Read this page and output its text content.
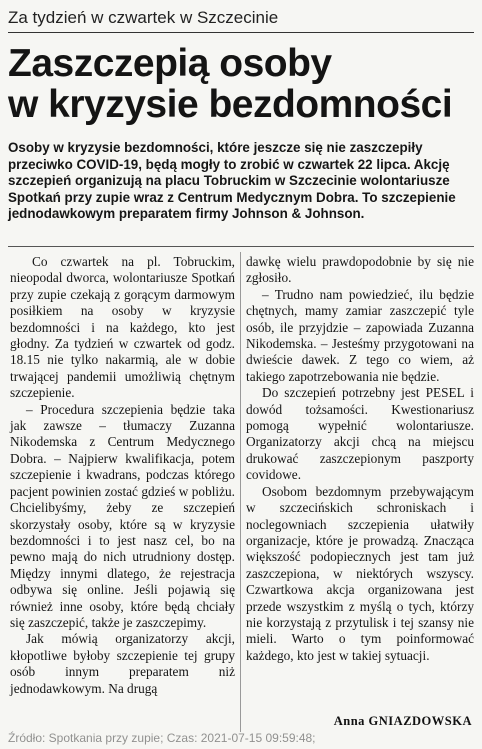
Za tydzień w czwartek w Szczecinie
Zaszczepią osoby
w kryzysie bezdomności
Osoby w kryzysie bezdomności, które jeszcze się nie zaszczepiły przeciwko COVID-19, będą mogły to zrobić w czwartek 22 lipca. Akcję szczepień organizują na placu Tobruckim w Szczecinie wolontariusze Spotkań przy zupie wraz z Centrum Medycznym Dobra. To szczepienie jednodawkowym preparatem firmy Johnson & Johnson.

Co czwartek na pl. Tobruckim, nieopodal dworca, wolontariusze Spotkań przy zupie czekają z gorącym darmowym posiłkiem na osoby w kryzysie bezdomności i na każdego, kto jest głodny. Za tydzień w czwartek od godz. 18.15 nie tylko nakarmią, ale w dobie trwającej pandemii umożliwią chętnym szczepienie.

– Procedura szczepienia będzie taka jak zawsze – tłumaczy Zuzanna Nikodemska z Centrum Medycznego Dobra. – Najpierw kwalifikacja, potem szczepienie i kwadrans, podczas którego pacjent powinien zostać gdzieś w pobliżu. Chcielibyśmy, żeby ze szczepień skorzystały osoby, które są w kryzysie bezdomności i to jest nasz cel, bo na pewno mają do nich utrudniony dostęp. Między innymi dlatego, że rejestracja odbywa się online. Jeśli pojawią się również inne osoby, które będą chciały się zaszczepić, także je zaszczepimy.

Jak mówią organizatorzy akcji, kłopotliwe byłoby szczepienie tej grupy osób innym preparatem niż jednodawkowym. Na drugą

dawkę wielu prawdopodobnie by się nie zgłosiło.

– Trudno nam powiedzieć, ilu będzie chętnych, mamy zamiar zaszczepić tyle osób, ile przyjdzie – zapowiada Zuzanna Nikodemska. – Jesteśmy przygotowani na dwieście dawek. Z tego co wiem, aż takiego zapotrzebowania nie będzie.

Do szczepień potrzebny jest PESEL i dowód tożsamości. Kwestionariusz pomogą wypełnić wolontariusze. Organizatorzy akcji chcą na miejscu drukować zaszczepionym paszporty covidowe.

Osobom bezdomnym przebywającym w szczecińskich schroniskach i noclegowniach szczepienia ułatwiły organizacje, które je prowadzą. Znacząca większość podopiecznych jest tam już zaszczepiona, w niektórych wszyscy. Czwartkowa akcja organizowana jest przede wszystkim z myślą o tych, którzy nie korzystają z przytulisk i tej szansy nie mieli. Warto o tym poinformować każdego, kto jest w takiej sytuacji.

Anna GNIAZDOWSKA
Źródło: Spotkania przy zupie; Czas: 2021-07-15 09:59:48;
